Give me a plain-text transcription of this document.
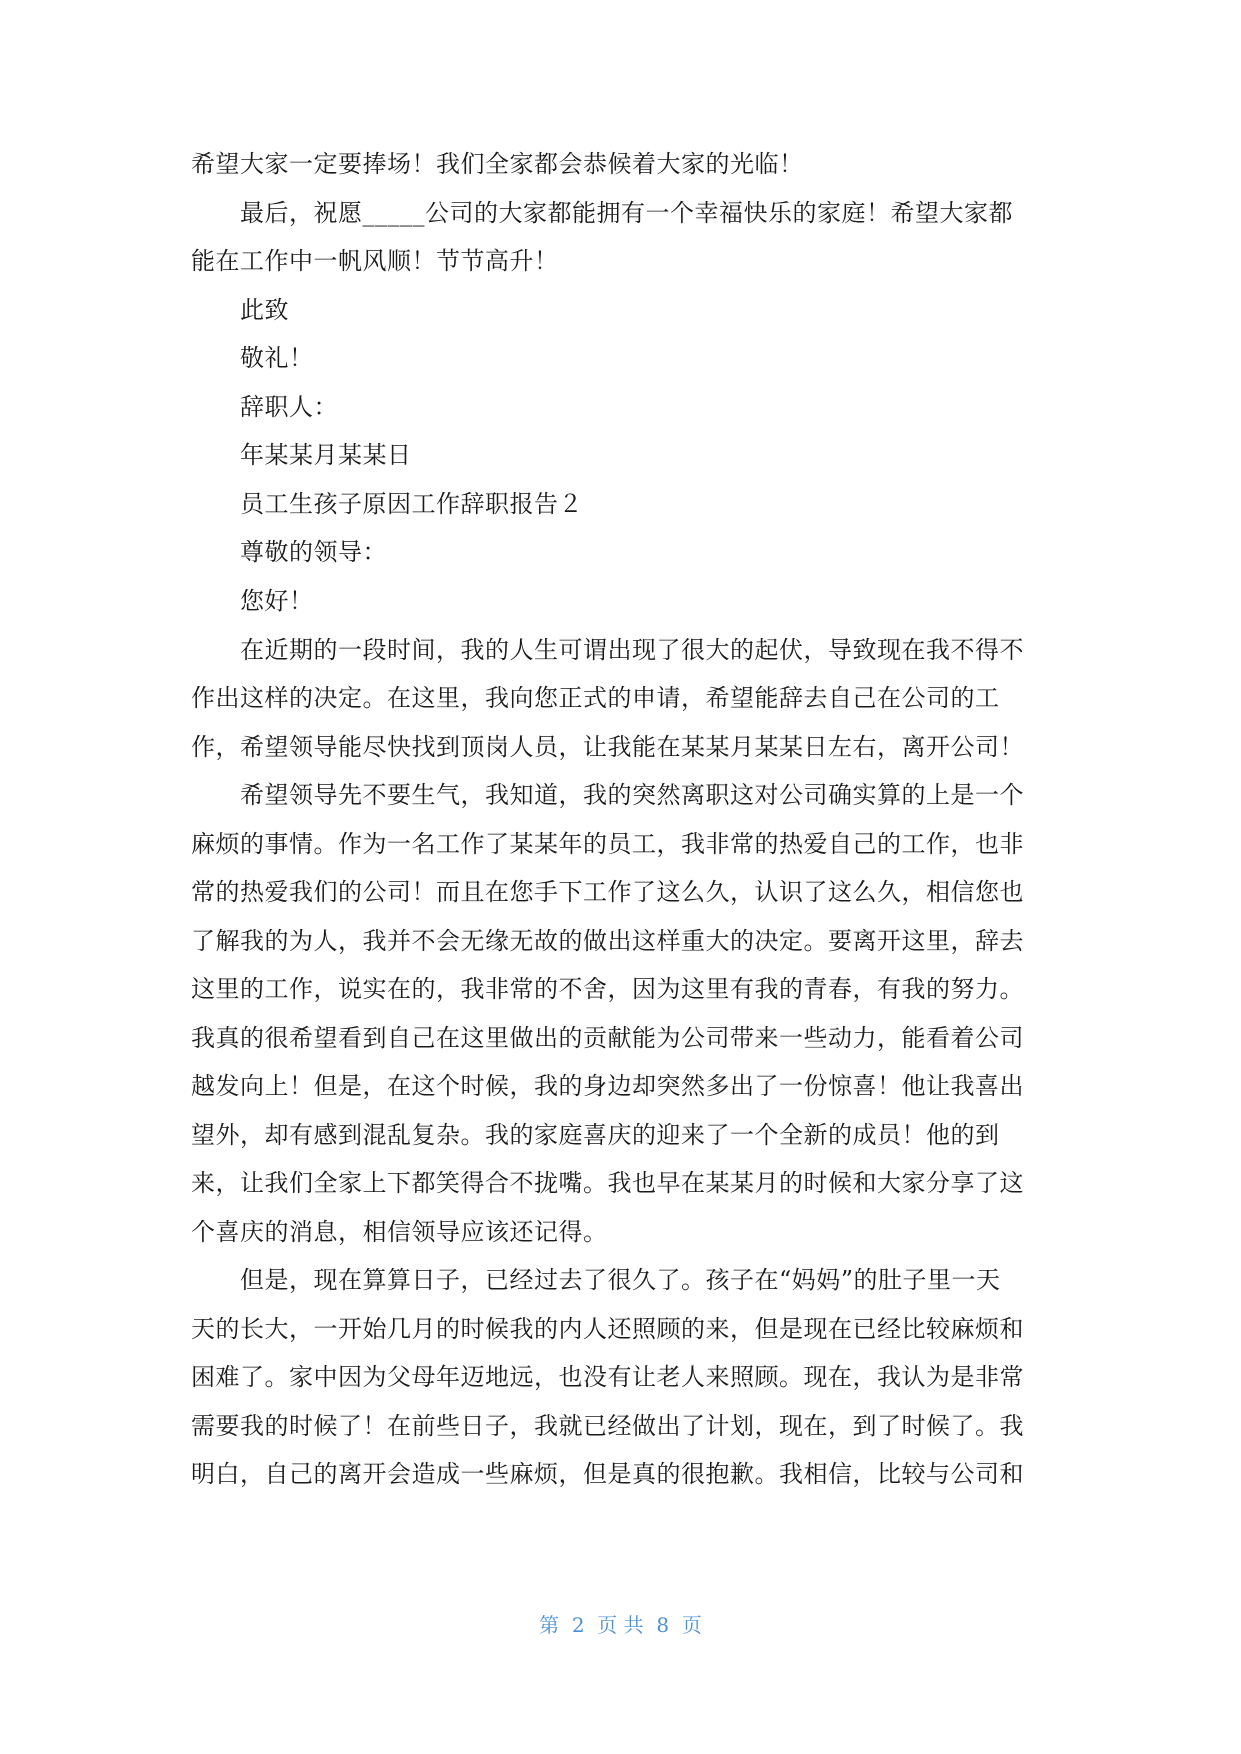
希望大家一定要捧场！我们全家都会恭候着大家的光临！
最后，祝愿_____公司的大家都能拥有一个幸福快乐的家庭！希望大家都
能在工作中一帆风顺！节节高升！
此致
敬礼！
辞职人：
年某某月某某日
员工生孩子原因工作辞职报告２
尊敬的领导：
您好！
在近期的一段时间，我的人生可谓出现了很大的起伏，导致现在我不得不
作出这样的决定。在这里，我向您正式的申请，希望能辞去自己在公司的工
作，希望领导能尽快找到顶岗人员，让我能在某某月某某日左右，离开公司！
希望领导先不要生气，我知道，我的突然离职这对公司确实算的上是一个
麻烦的事情。作为一名工作了某某年的员工，我非常的热爱自己的工作，也非
常的热爱我们的公司！而且在您手下工作了这么久，认识了这么久，相信您也
了解我的为人，我并不会无缘无故的做出这样重大的决定。要离开这里，辞去
这里的工作，说实在的，我非常的不舍，因为这里有我的青春，有我的努力。
我真的很希望看到自己在这里做出的贡献能为公司带来一些动力，能看着公司
越发向上！但是，在这个时候，我的身边却突然多出了一份惊喜！他让我喜出
望外，却有感到混乱复杂。我的家庭喜庆的迎来了一个全新的成员！他的到
来，让我们全家上下都笑得合不拢嘴。我也早在某某月的时候和大家分享了这
个喜庆的消息，相信领导应该还记得。
但是，现在算算日子，已经过去了很久了。孩子在“妈妈”的肚子里一天
天的长大，一开始几月的时候我的内人还照顾的来，但是现在已经比较麻烦和
困难了。家中因为父母年迈地远，也没有让老人来照顾。现在，我认为是非常
需要我的时候了！在前些日子，我就已经做出了计划，现在，到了时候了。我
明白，自己的离开会造成一些麻烦，但是真的很抱歉。我相信，比较与公司和
第  2  页 共  8  页
